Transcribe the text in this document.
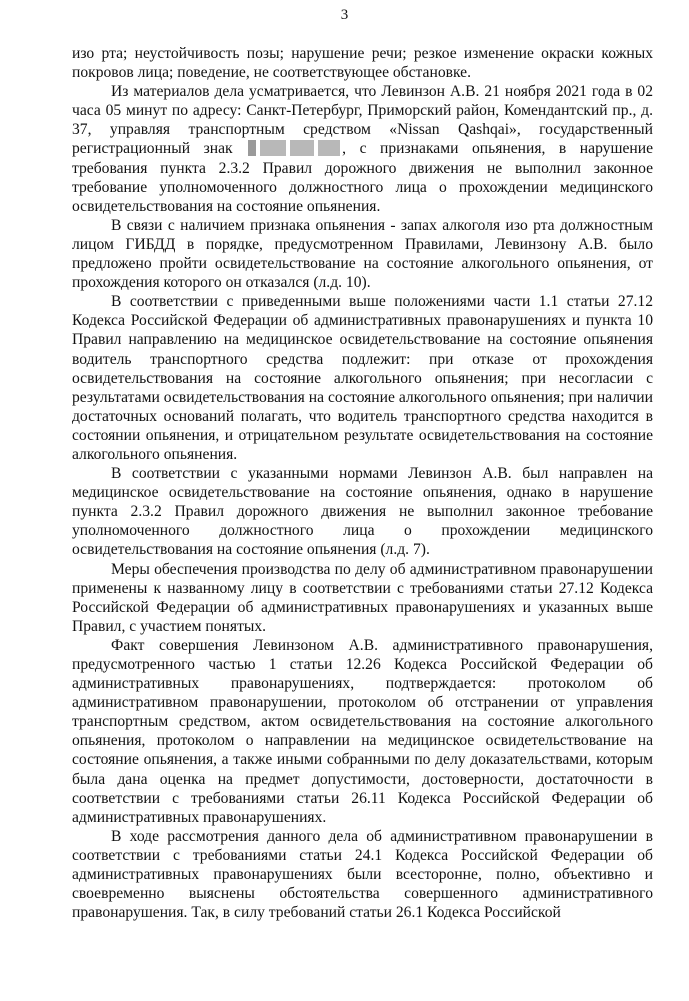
3

изо рта; неустойчивость позы; нарушение речи; резкое изменение окраски кожных покровов лица; поведение, не соответствующее обстановке.

Из материалов дела усматривается, что Левинзон А.В. 21 ноября 2021 года в 02 часа 05 минут по адресу: Санкт-Петербург, Приморский район, Комендантский пр., д. 37, управляя транспортным средством «Nissan Qashqai», государственный регистрационный знак	, с признаками опьянения, в нарушение требования пункта 2.3.2 Правил дорожного движения не выполнил законное требование уполномоченного должностного лица о прохождении медицинского освидетельствования на состояние опьянения.

В связи с наличием признака опьянения - запах алкоголя изо рта должностным лицом ГИБДД в порядке, предусмотренном Правилами, Левинзону А.В. было предложено пройти освидетельствование на состояние алкогольного опьянения, от прохождения которого он отказался (л.д. 10).

В соответствии с приведенными выше положениями части 1.1 статьи 27.12 Кодекса Российской Федерации об административных правонарушениях и пункта 10 Правил направлению на медицинское освидетельствование на состояние опьянения водитель транспортного средства подлежит: при отказе от прохождения освидетельствования на состояние алкогольного опьянения; при несогласии с результатами освидетельствования на состояние алкогольного опьянения; при наличии достаточных оснований полагать, что водитель транспортного средства находится в состоянии опьянения, и отрицательном результате освидетельствования на состояние алкогольного опьянения.

В соответствии с указанными нормами Левинзон А.В. был направлен на медицинское освидетельствование на состояние опьянения, однако в нарушение пункта 2.3.2 Правил дорожного движения не выполнил законное требование уполномоченного должностного лица о прохождении медицинского освидетельствования на состояние опьянения (л.д. 7).

Меры обеспечения производства по делу об административном правонарушении применены к названному лицу в соответствии с требованиями статьи 27.12 Кодекса Российской Федерации об административных правонарушениях и указанных выше Правил, с участием понятых.

Факт совершения Левинзоном А.В. административного правонарушения, предусмотренного частью 1 статьи 12.26 Кодекса Российской Федерации об административных правонарушениях, подтверждается: протоколом об административном правонарушении, протоколом об отстранении от управления транспортным средством, актом освидетельствования на состояние алкогольного опьянения, протоколом о направлении на медицинское освидетельствование на состояние опьянения, а также иными собранными по делу доказательствами, которым была дана оценка на предмет допустимости, достоверности, достаточности в соответствии с требованиями статьи 26.11 Кодекса Российской Федерации об административных правонарушениях.

В ходе рассмотрения данного дела об административном правонарушении в соответствии с требованиями статьи 24.1 Кодекса Российской Федерации об административных правонарушениях были всесторонне, полно, объективно и своевременно выяснены обстоятельства совершенного административного правонарушения. Так, в силу требований статьи 26.1 Кодекса Российской
